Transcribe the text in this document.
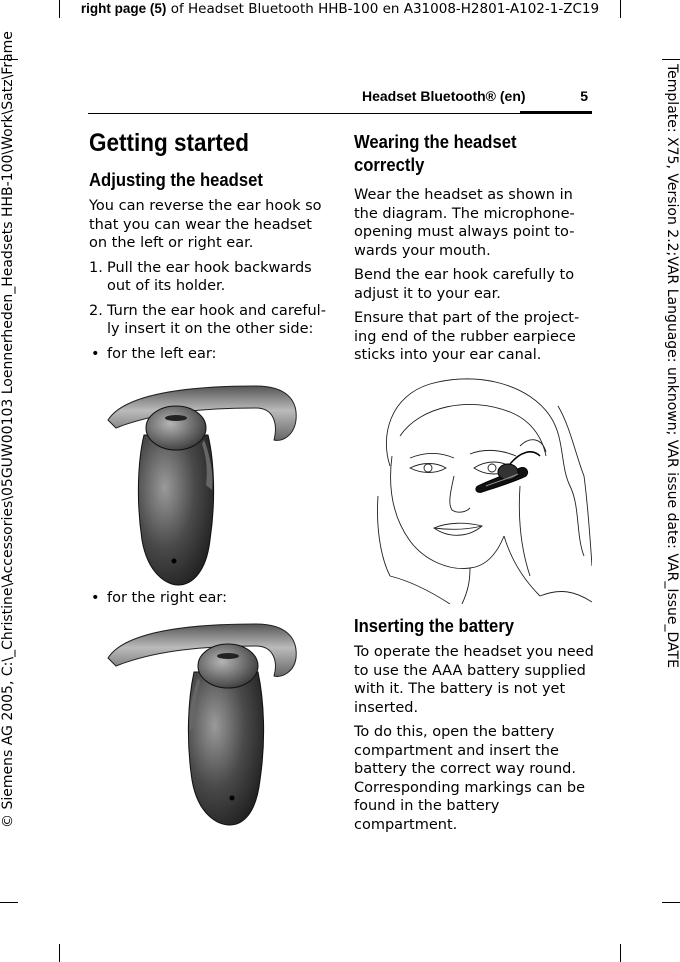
right page (5) of Headset Bluetooth HHB-100 en A31008-H2801-A102-1-ZC19
© Siemens AG 2005, C:\_Christine\Accessories\05GUW00103 Loennerheden_Headsets HHB-100\Work\Satz\Frame	Template: X75, Version 2.2;VAR Language: unknown; VAR issue date: VAR_Issue_DATE
Headset Bluetooth® (en)	5
Getting started
Adjusting the headset

You can reverse the ear hook so that you can wear the headset on the left or right ear.

1. Pull the ear hook backwards out of its holder.
2. Turn the ear hook and careful-ly insert it on the other side:
• for the left ear:
• for the right ear:
Wearing the headset correctly

Wear the headset as shown in the diagram. The microphone-opening must always point to-wards your mouth.

Bend the ear hook carefully to adjust it to your ear.

Ensure that part of the project-ing end of the rubber earpiece sticks into your ear canal.

Inserting the battery

To operate the headset you need to use the AAA battery supplied with it. The battery is not yet inserted.

To do this, open the battery compartment and insert the battery the correct way round. Corresponding markings can be found in the battery compartment.
